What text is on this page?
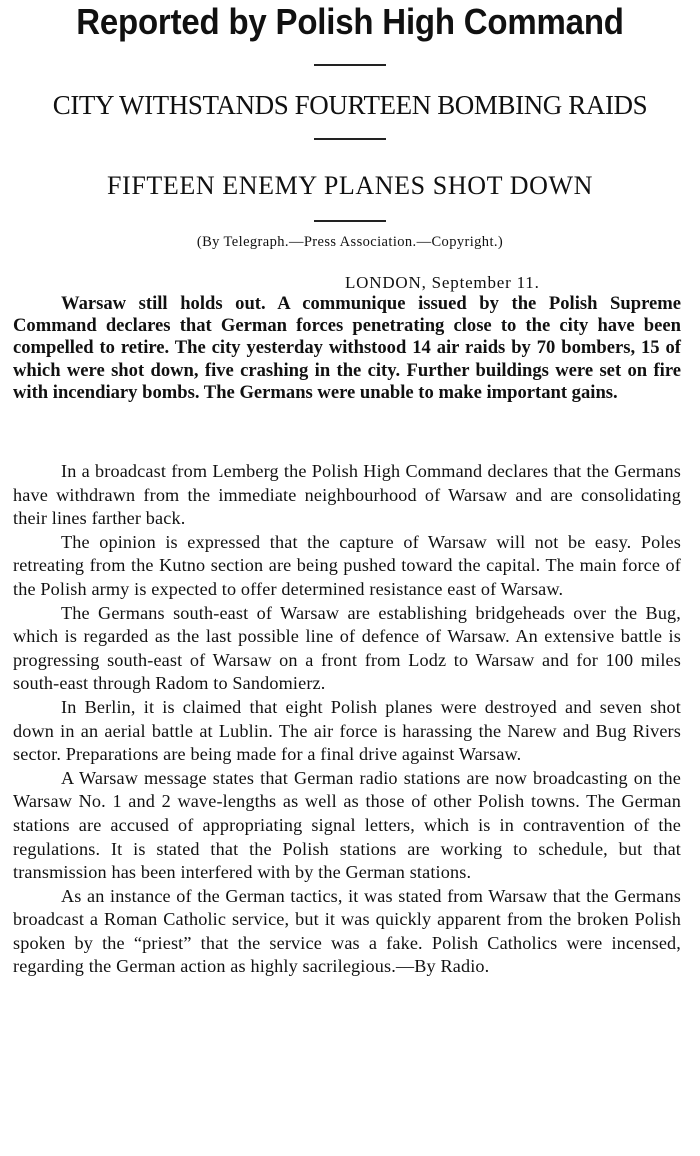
Reported by Polish High Command
CITY WITHSTANDS FOURTEEN BOMBING RAIDS
FIFTEEN ENEMY PLANES SHOT DOWN
(By Telegraph.—Press Association.—Copyright.)
LONDON, September 11.

Warsaw still holds out. A communique issued by the Polish Supreme Command declares that German forces penetrating close to the city have been compelled to retire. The city yesterday withstood 14 air raids by 70 bombers, 15 of which were shot down, five crashing in the city. Further buildings were set on fire with incendiary bombs. The Germans were unable to make important gains.

In a broadcast from Lemberg the Polish High Command declares that the Germans have withdrawn from the immediate neighbourhood of Warsaw and are consolidating their lines farther back.

The opinion is expressed that the capture of Warsaw will not be easy. Poles retreating from the Kutno section are being pushed toward the capital. The main force of the Polish army is expected to offer determined resistance east of Warsaw.

The Germans south-east of Warsaw are establishing bridgeheads over the Bug, which is regarded as the last possible line of defence of Warsaw. An extensive battle is progressing south-east of Warsaw on a front from Lodz to Warsaw and for 100 miles south-east through Radom to Sandomierz.

In Berlin, it is claimed that eight Polish planes were destroyed and seven shot down in an aerial battle at Lublin. The air force is harassing the Narew and Bug Rivers sector. Preparations are being made for a final drive against Warsaw.

A Warsaw message states that German radio stations are now broadcasting on the Warsaw No. 1 and 2 wave-lengths as well as those of other Polish towns. The German stations are accused of appropriating signal letters, which is in contravention of the regulations. It is stated that the Polish stations are working to schedule, but that transmission has been interfered with by the German stations.

As an instance of the German tactics, it was stated from Warsaw that the Germans broadcast a Roman Catholic service, but it was quickly apparent from the broken Polish spoken by the “priest” that the service was a fake. Polish Catholics were incensed, regarding the German action as highly sacrilegious.—By Radio.
